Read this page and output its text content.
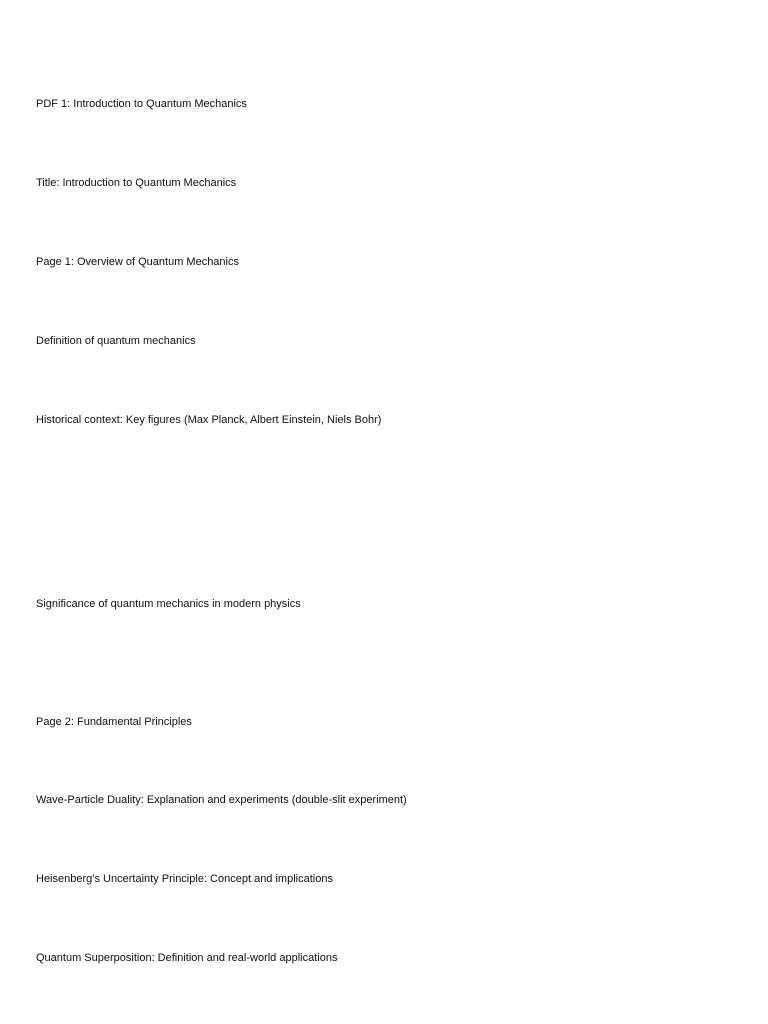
PDF 1: Introduction to Quantum Mechanics

Title: Introduction to Quantum Mechanics

Page 1: Overview of Quantum Mechanics

Definition of quantum mechanics

Historical context: Key figures (Max Planck, Albert Einstein, Niels Bohr)

Significance of quantum mechanics in modern physics

Page 2: Fundamental Principles

Wave-Particle Duality: Explanation and experiments (double-slit experiment)

Heisenberg’s Uncertainty Principle: Concept and implications

Quantum Superposition: Definition and real-world applications
